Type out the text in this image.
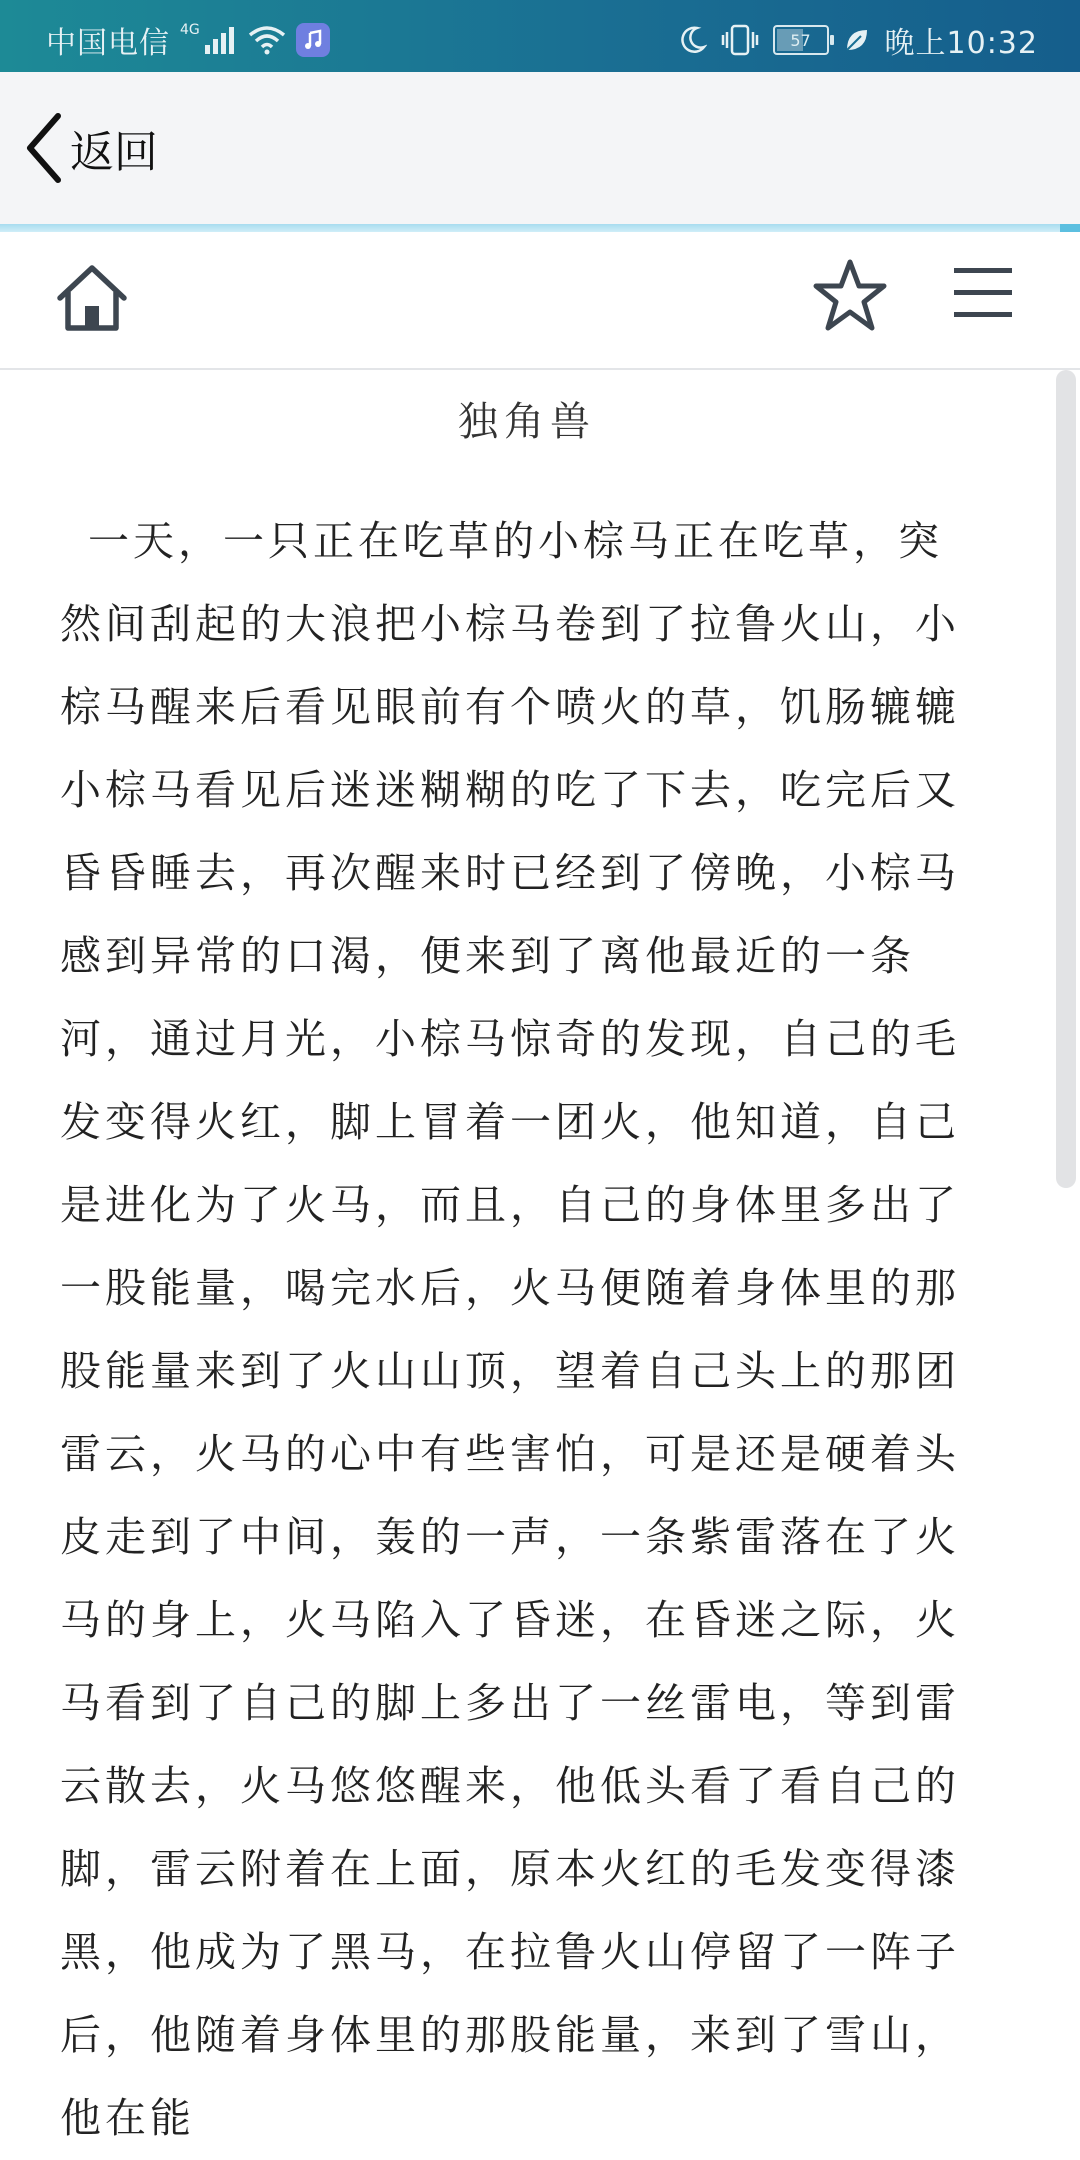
中国电信 4G
57 晚上10:32
返回
独角兽

一天，一只正在吃草的小棕马正在吃草，突然间刮起的大浪把小棕马卷到了拉鲁火山，小棕马醒来后看见眼前有个喷火的草，饥肠辘辘小棕马看见后迷迷糊糊的吃了下去，吃完后又昏昏睡去，再次醒来时已经到了傍晚，小棕马感到异常的口渴，便来到了离他最近的一条河，通过月光，小棕马惊奇的发现，自己的毛发变得火红，脚上冒着一团火，他知道，自己是进化为了火马，而且，自己的身体里多出了一股能量，喝完水后，火马便随着身体里的那股能量来到了火山山顶，望着自己头上的那团雷云，火马的心中有些害怕，可是还是硬着头皮走到了中间，轰的一声，一条紫雷落在了火马的身上，火马陷入了昏迷，在昏迷之际，火马看到了自己的脚上多出了一丝雷电，等到雷云散去，火马悠悠醒来，他低头看了看自己的脚，雷云附着在上面，原本火红的毛发变得漆黑，他成为了黑马，在拉鲁火山停留了一阵子后，他随着身体里的那股能量，来到了雪山，他在能
